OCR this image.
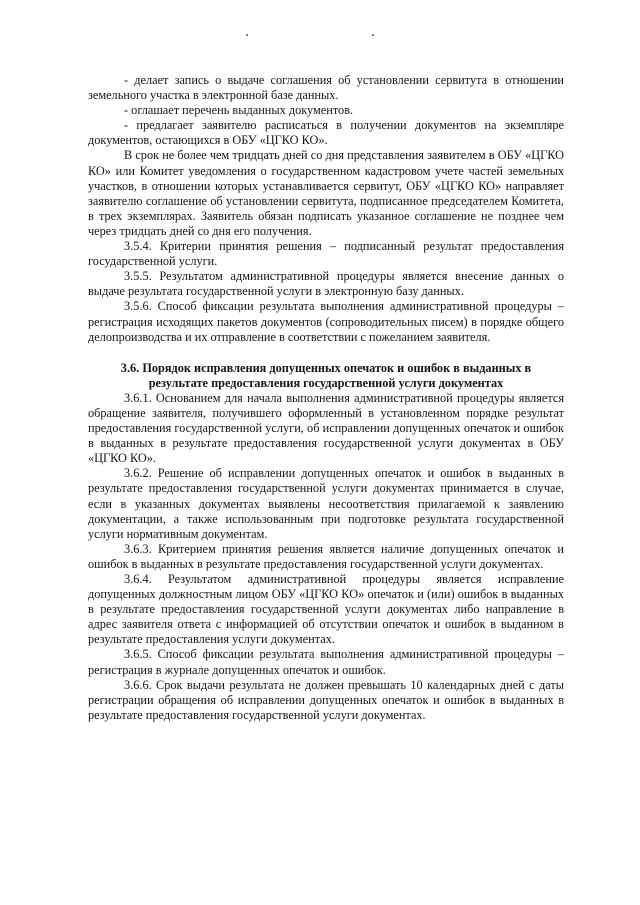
- делает запись о выдаче соглашения об установлении сервитута в отношении земельного участка в электронной базе данных.

- оглашает перечень выданных документов.

- предлагает заявителю расписаться в получении документов на экземпляре документов, остающихся в ОБУ «ЦГКО КО».

В срок не более чем тридцать дней со дня представления заявителем в ОБУ «ЦГКО КО» или Комитет уведомления о государственном кадастровом учете частей земельных участков, в отношении которых устанавливается сервитут, ОБУ «ЦГКО КО» направляет заявителю соглашение об установлении сервитута, подписанное председателем Комитета, в трех экземплярах. Заявитель обязан подписать указанное соглашение не позднее чем через тридцать дней со дня его получения.

3.5.4. Критерии принятия решения – подписанный результат предоставления государственной услуги.

3.5.5. Результатом административной процедуры является внесение данных о выдаче результата государственной услуги в электронную базу данных.

3.5.6. Способ фиксации результата выполнения административной процедуры – регистрация исходящих пакетов документов (сопроводительных писем) в порядке общего делопроизводства и их отправление в соответствии с пожеланием заявителя.

3.6. Порядок исправления допущенных опечаток и ошибок в выданных в результате предоставления государственной услуги документах

3.6.1. Основанием для начала выполнения административной процедуры является обращение заявителя, получившего оформленный в установленном порядке результат предоставления государственной услуги, об исправлении допущенных опечаток и ошибок в выданных в результате предоставления государственной услуги документах в ОБУ «ЦГКО КО».

3.6.2. Решение об исправлении допущенных опечаток и ошибок в выданных в результате предоставления государственной услуги документах принимается в случае, если в указанных документах выявлены несоответствия прилагаемой к заявлению документации, а также использованным при подготовке результата государственной услуги нормативным документам.

3.6.3. Критерием принятия решения является наличие допущенных опечаток и ошибок в выданных в результате предоставления государственной услуги документах.

3.6.4. Результатом административной процедуры является исправление допущенных должностным лицом ОБУ «ЦГКО КО» опечаток и (или) ошибок в выданных в результате предоставления государственной услуги документах либо направление в адрес заявителя ответа с информацией об отсутствии опечаток и ошибок в выданном в результате предоставления услуги документах.

3.6.5. Способ фиксации результата выполнения административной процедуры – регистрация в журнале допущенных опечаток и ошибок.

3.6.6. Срок выдачи результата не должен превышать 10 календарных дней с даты регистрации обращения об исправлении допущенных опечаток и ошибок в выданных в результате предоставления государственной услуги документах.
